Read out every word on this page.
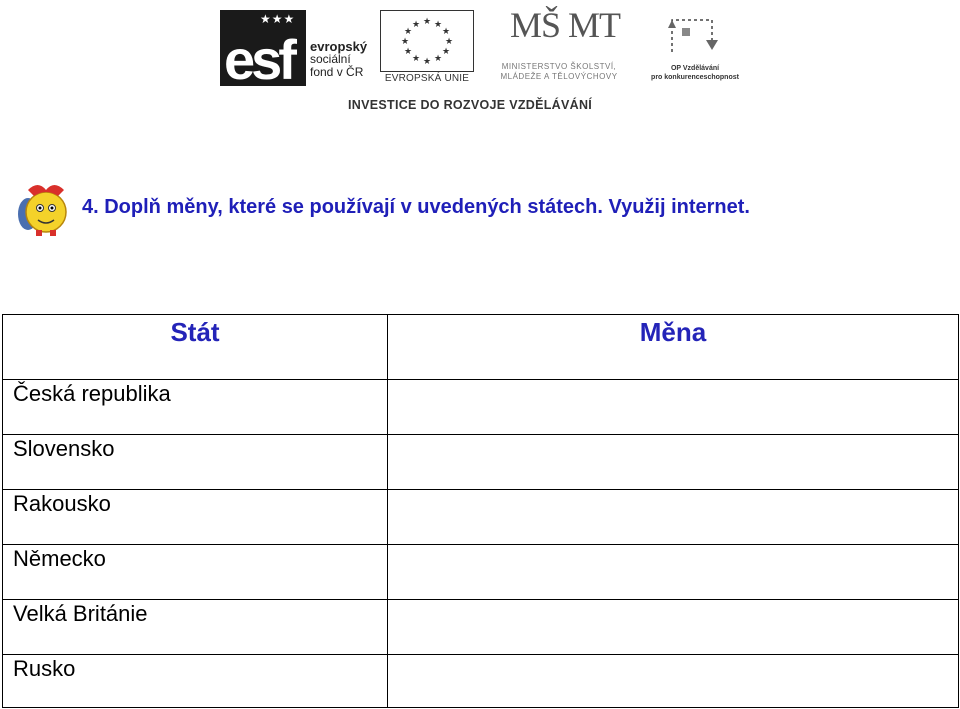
★★★
esf evropský
sociální
fond v ČR
★ ★
★
★
★
★
★
★
★
★
★
★
EVROPSKÁ UNIE
MŠ MT
MINISTERSTVO ŠKOLSTVÍ,
MLÁDEŽE A TĚLOVÝCHOVY
OP Vzdělávání
pro konkurenceschopnost
INVESTICE DO ROZVOJE VZDĚLÁVÁNÍ
4. Doplň měny, které se používají v uvedených státech. Využij internet.
Stát	Měna
Česká republika	
Slovensko	
Rakousko	
Německo	
Velká Británie	
Rusko	
